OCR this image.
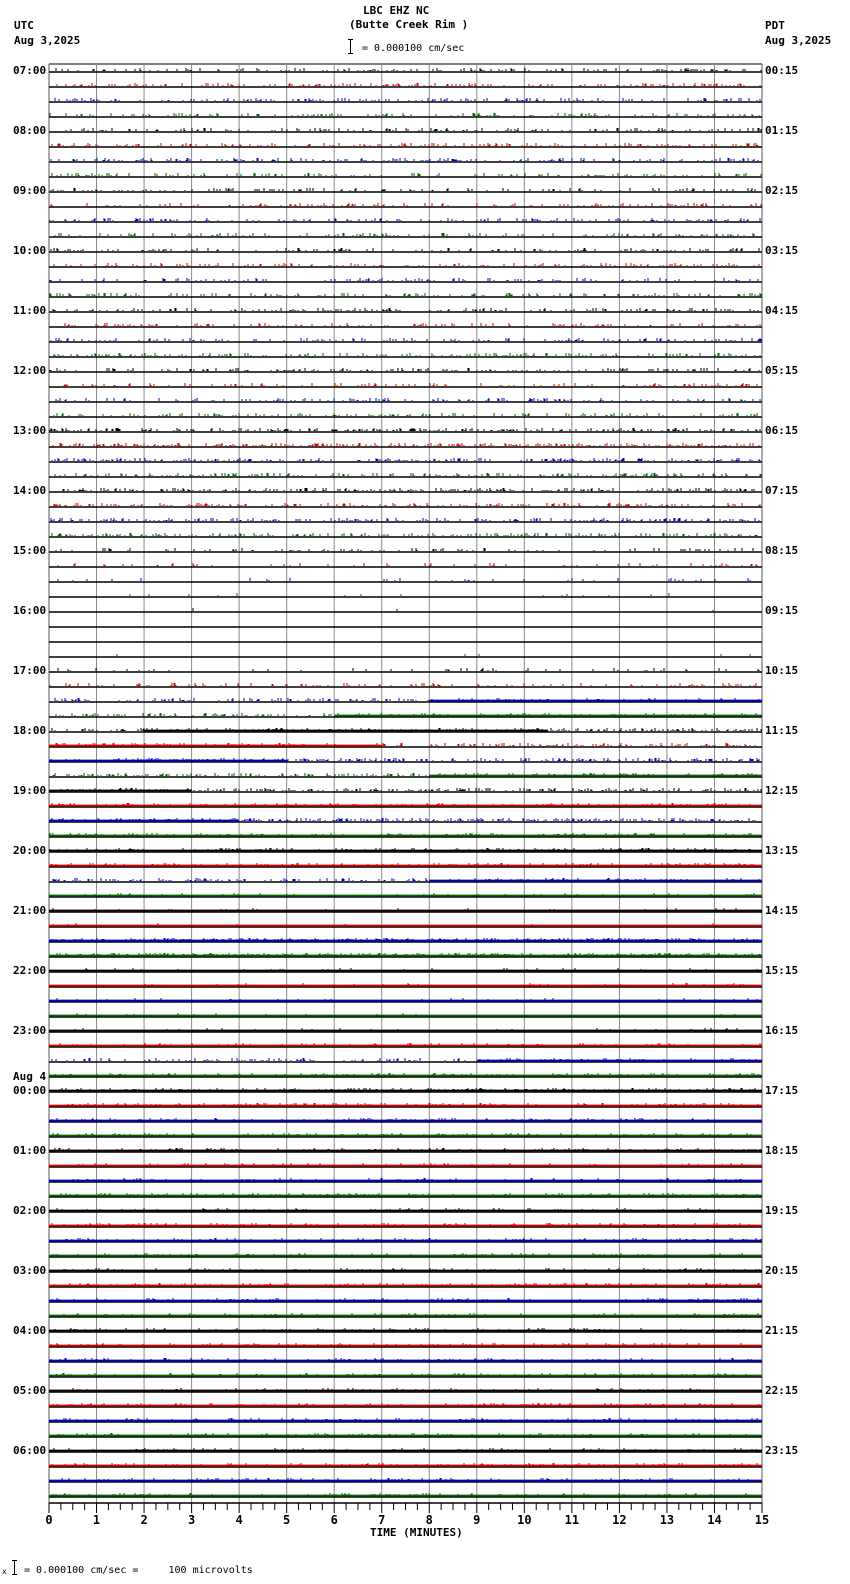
LBC EHZ NC
(Butte Creek Rim )
= 0.000100 cm/sec
UTC
Aug 3,2025
PDT
Aug 3,2025
0	1	2	3	4	5	6	7	8	9	10	11	12	13	14	15
07:00	00:15
08:00	01:15
09:00	02:15
10:00	03:15
11:00	04:15
12:00	05:15
13:00	06:15
14:00	07:15
15:00	08:15
16:00	09:15
17:00	10:15
18:00	11:15
19:00	12:15
20:00	13:15
21:00	14:15
22:00	15:15
23:00	16:15
00:00	17:15
Aug 4
01:00	18:15
02:00	19:15
03:00	20:15
04:00	21:15
05:00	22:15
06:00	23:15
TIME (MINUTES)
x = 0.000100 cm/sec =     100 microvolts
